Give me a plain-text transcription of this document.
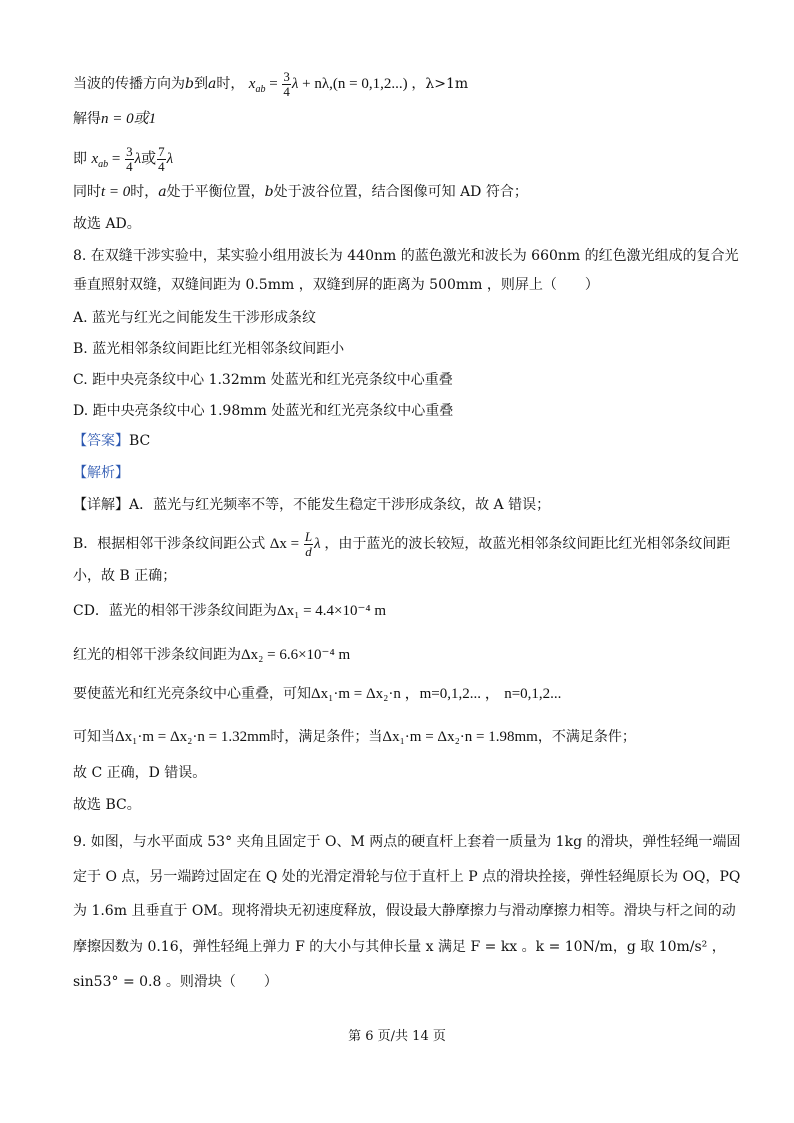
当波的传播方向为b到a时， $x_{ab} = \frac{3}{4}$ λ + nλ,(n = 0,1,2...) ，λ>1m
解得n = 0或1
即 $x_{ab} = \frac{3}{4}$ λ或 $\frac{7}{4}$ λ
同时t = 0时，a处于平衡位置，b处于波谷位置，结合图像可知 AD 符合；
故选 AD。
8. 在双缝干涉实验中，某实验小组用波长为 440nm 的蓝色激光和波长为 660nm 的红色激光组成的复合光
垂直照射双缝，双缝间距为 0.5mm ，双缝到屏的距离为 500mm ，则屏上（　　）
A. 蓝光与红光之间能发生干涉形成条纹
B. 蓝光相邻条纹间距比红光相邻条纹间距小
C. 距中央亮条纹中心 1.32mm 处蓝光和红光亮条纹中心重叠
D. 距中央亮条纹中心 1.98mm 处蓝光和红光亮条纹中心重叠
【答案】BC
【解析】
【详解】A．蓝光与红光频率不等，不能发生稳定干涉形成条纹，故 A 错误；
B．根据相邻干涉条纹间距公式 $\Delta x = \frac{L}{d}$ λ ，由于蓝光的波长较短，故蓝光相邻条纹间距比红光相邻条纹间距
小，故 B 正确；
CD．蓝光的相邻干涉条纹间距为Δx₁ = 4.4×10⁻⁴ m
红光的相邻干涉条纹间距为Δx₂ = 6.6×10⁻⁴ m
要使蓝光和红光亮条纹中心重叠，可知Δx₁·m = Δx₂·n ，m=0,1,2... ， n=0,1,2...
可知当Δx₁·m = Δx₂·n = 1.32mm时，满足条件；当Δx₁·m = Δx₂·n = 1.98mm，不满足条件；
故 C 正确，D 错误。
故选 BC。
9. 如图，与水平面成 53° 夹角且固定于 O、M 两点的硬直杆上套着一质量为 1kg 的滑块，弹性轻绳一端固
定于 O 点，另一端跨过固定在 Q 处的光滑定滑轮与位于直杆上 P 点的滑块拴接，弹性轻绳原长为 OQ，PQ
为 1.6m 且垂直于 OM。现将滑块无初速度释放，假设最大静摩擦力与滑动摩擦力相等。滑块与杆之间的动
摩擦因数为 0.16，弹性轻绳上弹力 F 的大小与其伸长量 x 满足 F = kx 。k = 10N/m，g 取 10m/s² ，
sin53° = 0.8 。则滑块（　　）
第 6 页/共 14 页
